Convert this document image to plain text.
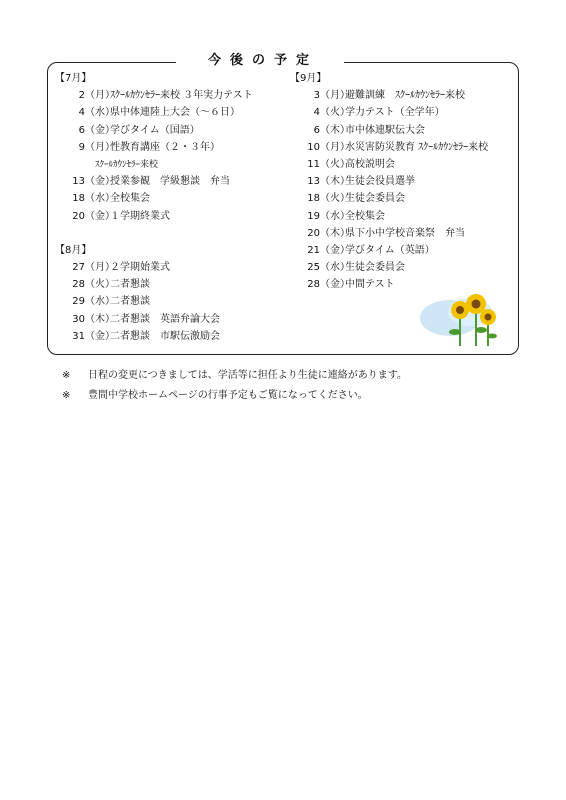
今後の予定
【7月】
2（月）ｽｸｰﾙｶｳﾝｾﾗｰ来校 ３年実力テスト
4（水）県中体連陸上大会（～６日）
6（金）学びタイム（国語）
9（月）性教育講座（２・３年）
ｽｸｰﾙｶｳﾝｾﾗｰ来校
13（金）授業参観　学級懇談　弁当
18（水）全校集会
20（金）１学期終業式
【8月】
27（月）２学期始業式
28（火）二者懇談
29（水）二者懇談
30（木）二者懇談　英語弁論大会
31（金）二者懇談　市駅伝激励会
【9月】
3（月）避難訓練　ｽｸｰﾙｶｳﾝｾﾗｰ来校
4（火）学力テスト（全学年）
6（木）市中体連駅伝大会
10（月）水災害防災教育 ｽｸｰﾙｶｳﾝｾﾗｰ来校
11（火）高校説明会
13（木）生徒会役員選挙
18（火）生徒会委員会
19（水）全校集会
20（木）県下小中学校音楽祭　弁当
21（金）学びタイム（英語）
25（水）生徒会委員会
28（金）中間テスト
※ 日程の変更につきましては、学活等に担任より生徒に連絡があります。
※ 豊間中学校ホームページの行事予定もご覧になってください。
